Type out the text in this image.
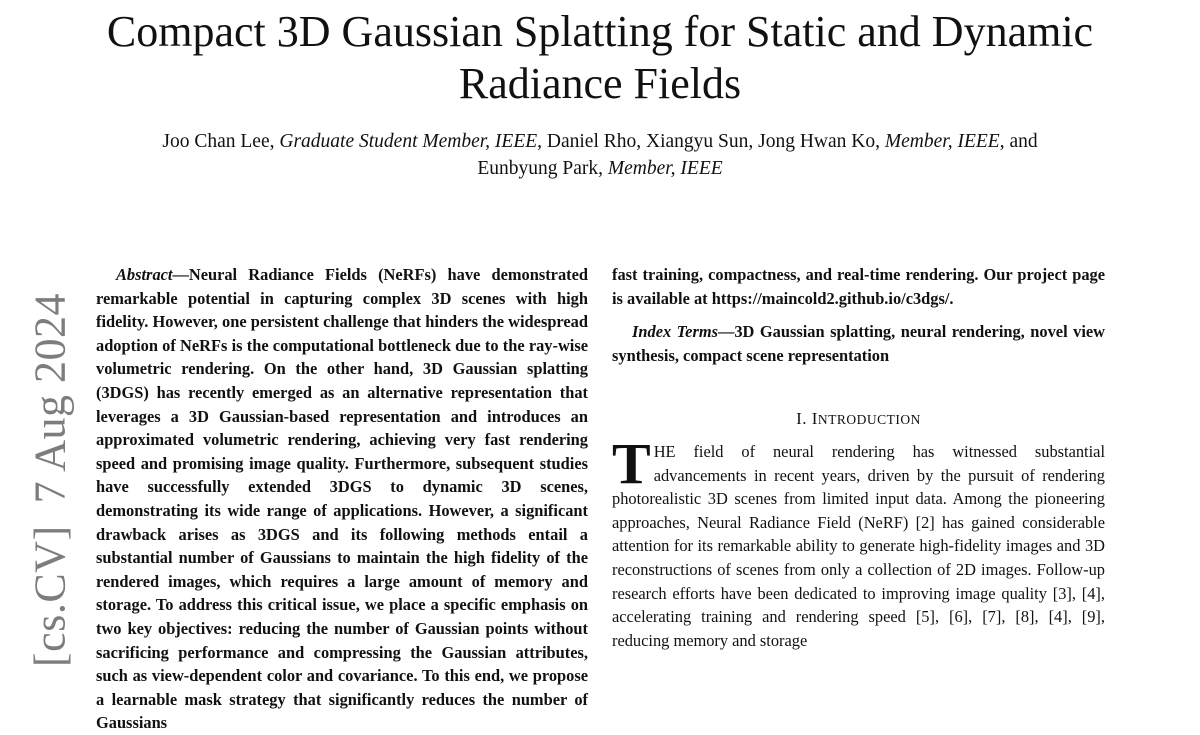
Compact 3D Gaussian Splatting for Static and Dynamic Radiance Fields
Joo Chan Lee, Graduate Student Member, IEEE, Daniel Rho, Xiangyu Sun, Jong Hwan Ko, Member, IEEE, and
Eunbyung Park, Member, IEEE
[cs.CV]7 Aug 2024

Abstract—Neural Radiance Fields (NeRFs) have demonstrated remarkable potential in capturing complex 3D scenes with high fidelity. However, one persistent challenge that hinders the widespread adoption of NeRFs is the computational bottleneck due to the ray-wise volumetric rendering. On the other hand, 3D Gaussian splatting (3DGS) has recently emerged as an alternative representation that leverages a 3D Gaussian-based representation and introduces an approximated volumetric rendering, achieving very fast rendering speed and promising image quality. Furthermore, subsequent studies have successfully extended 3DGS to dynamic 3D scenes, demonstrating its wide range of applications. However, a significant drawback arises as 3DGS and its following methods entail a substantial number of Gaussians to maintain the high fidelity of the rendered images, which requires a large amount of memory and storage. To address this critical issue, we place a specific emphasis on two key objectives: reducing the number of Gaussian points without sacrificing performance and compressing the Gaussian attributes, such as view-dependent color and covariance. To this end, we propose a learnable mask strategy that significantly reduces the number of Gaussians

fast training, compactness, and real-time rendering. Our project page is available at https://maincold2.github.io/c3dgs/.

Index Terms—3D Gaussian splatting, neural rendering, novel view synthesis, compact scene representation

I. INTRODUCTION

THE field of neural rendering has witnessed substantial advancements in recent years, driven by the pursuit of rendering photorealistic 3D scenes from limited input data. Among the pioneering approaches, Neural Radiance Field (NeRF) [2] has gained considerable attention for its remarkable ability to generate high-fidelity images and 3D reconstructions of scenes from only a collection of 2D images. Follow-up research efforts have been dedicated to improving image quality [3], [4], accelerating training and rendering speed [5], [6], [7], [8], [4], [9], reducing memory and storage
